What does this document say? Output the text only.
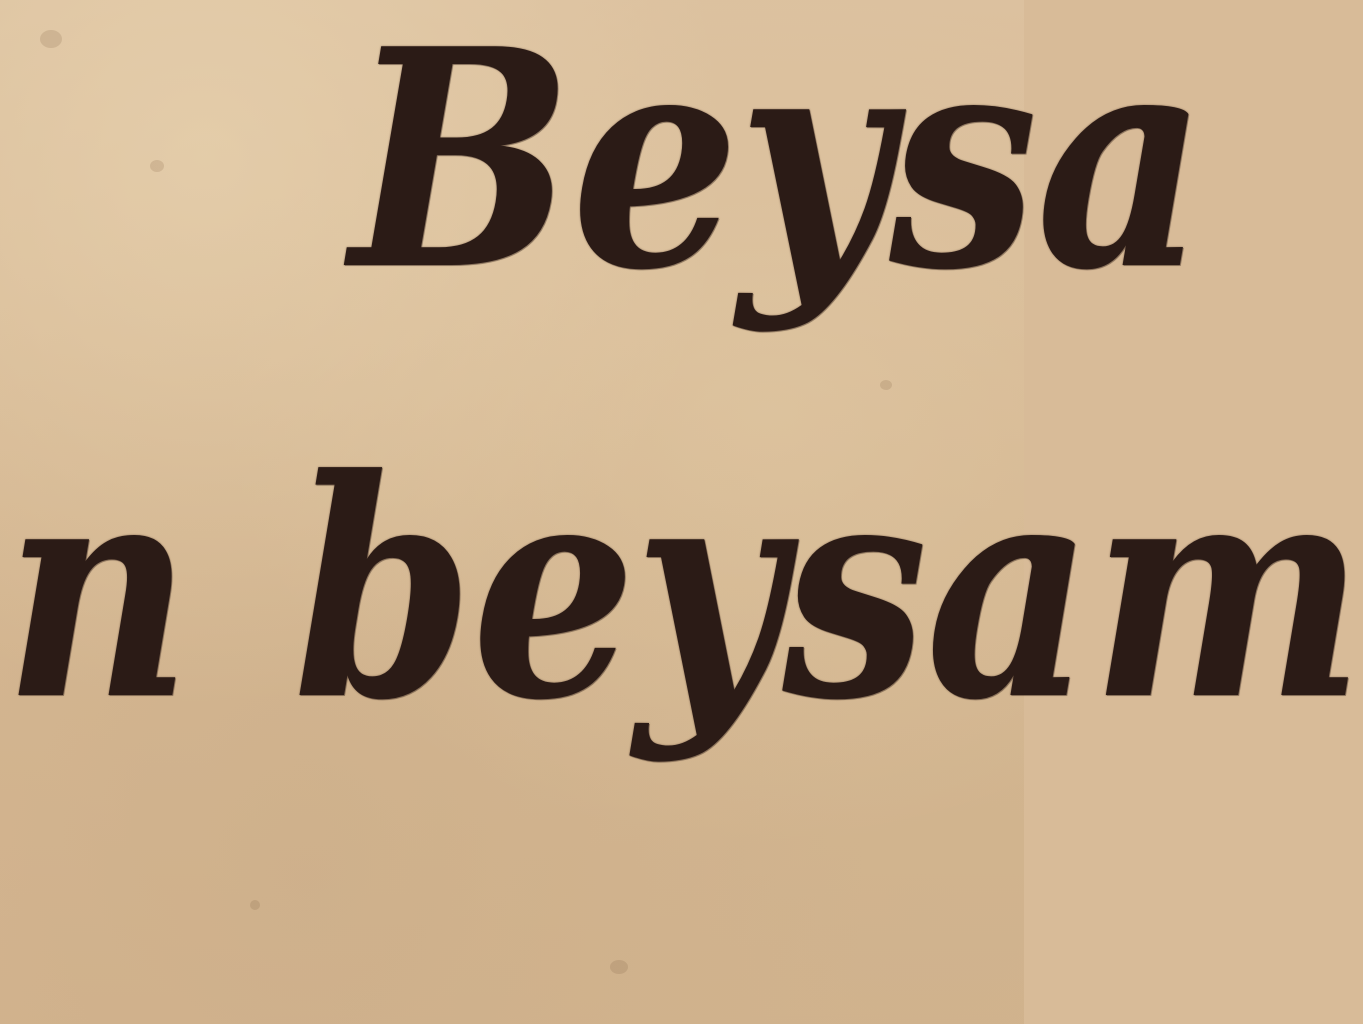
Beysa
n beysam
